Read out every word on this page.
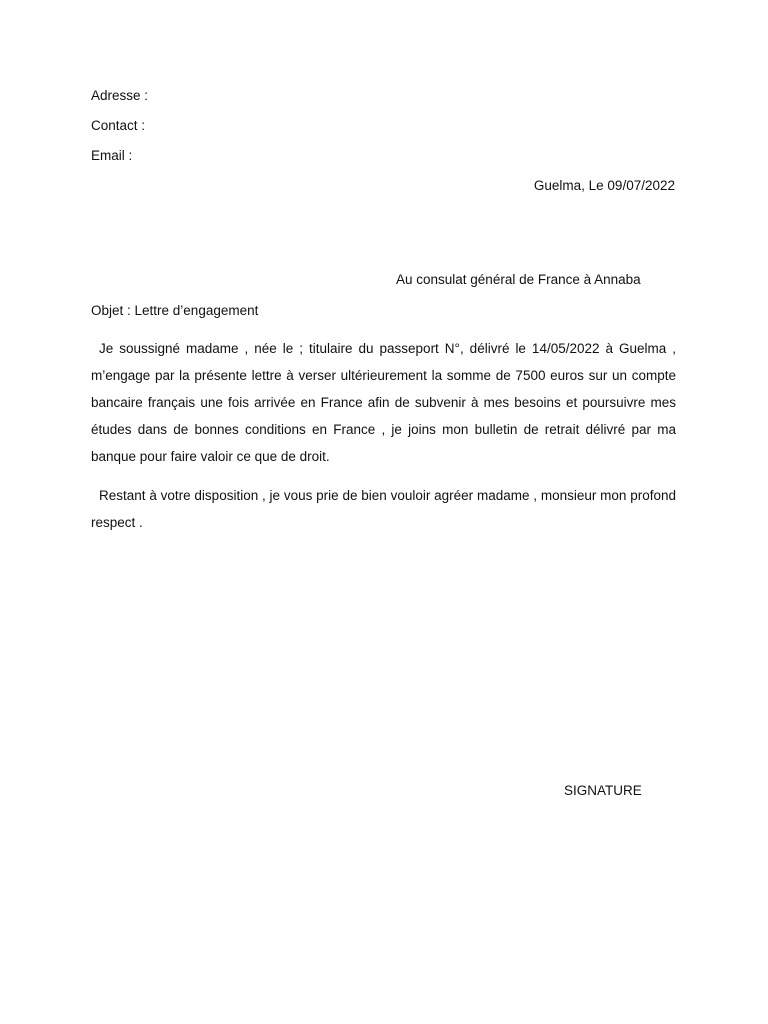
Adresse :
Contact :
Email :
Guelma, Le 09/07/2022
Au consulat général de France à Annaba
Objet : Lettre d’engagement

Je soussigné madame , née le ; titulaire du passeport N°, délivré le 14/05/2022 à Guelma , m’engage par la présente lettre à verser ultérieurement la somme de 7500 euros sur un compte bancaire français une fois arrivée en France afin de subvenir à mes besoins et poursuivre mes études dans de bonnes conditions en France , je joins mon bulletin de retrait délivré par ma banque pour faire valoir ce que de droit.

Restant à votre disposition , je vous prie de bien vouloir agréer madame , monsieur mon profond respect .

SIGNATURE
